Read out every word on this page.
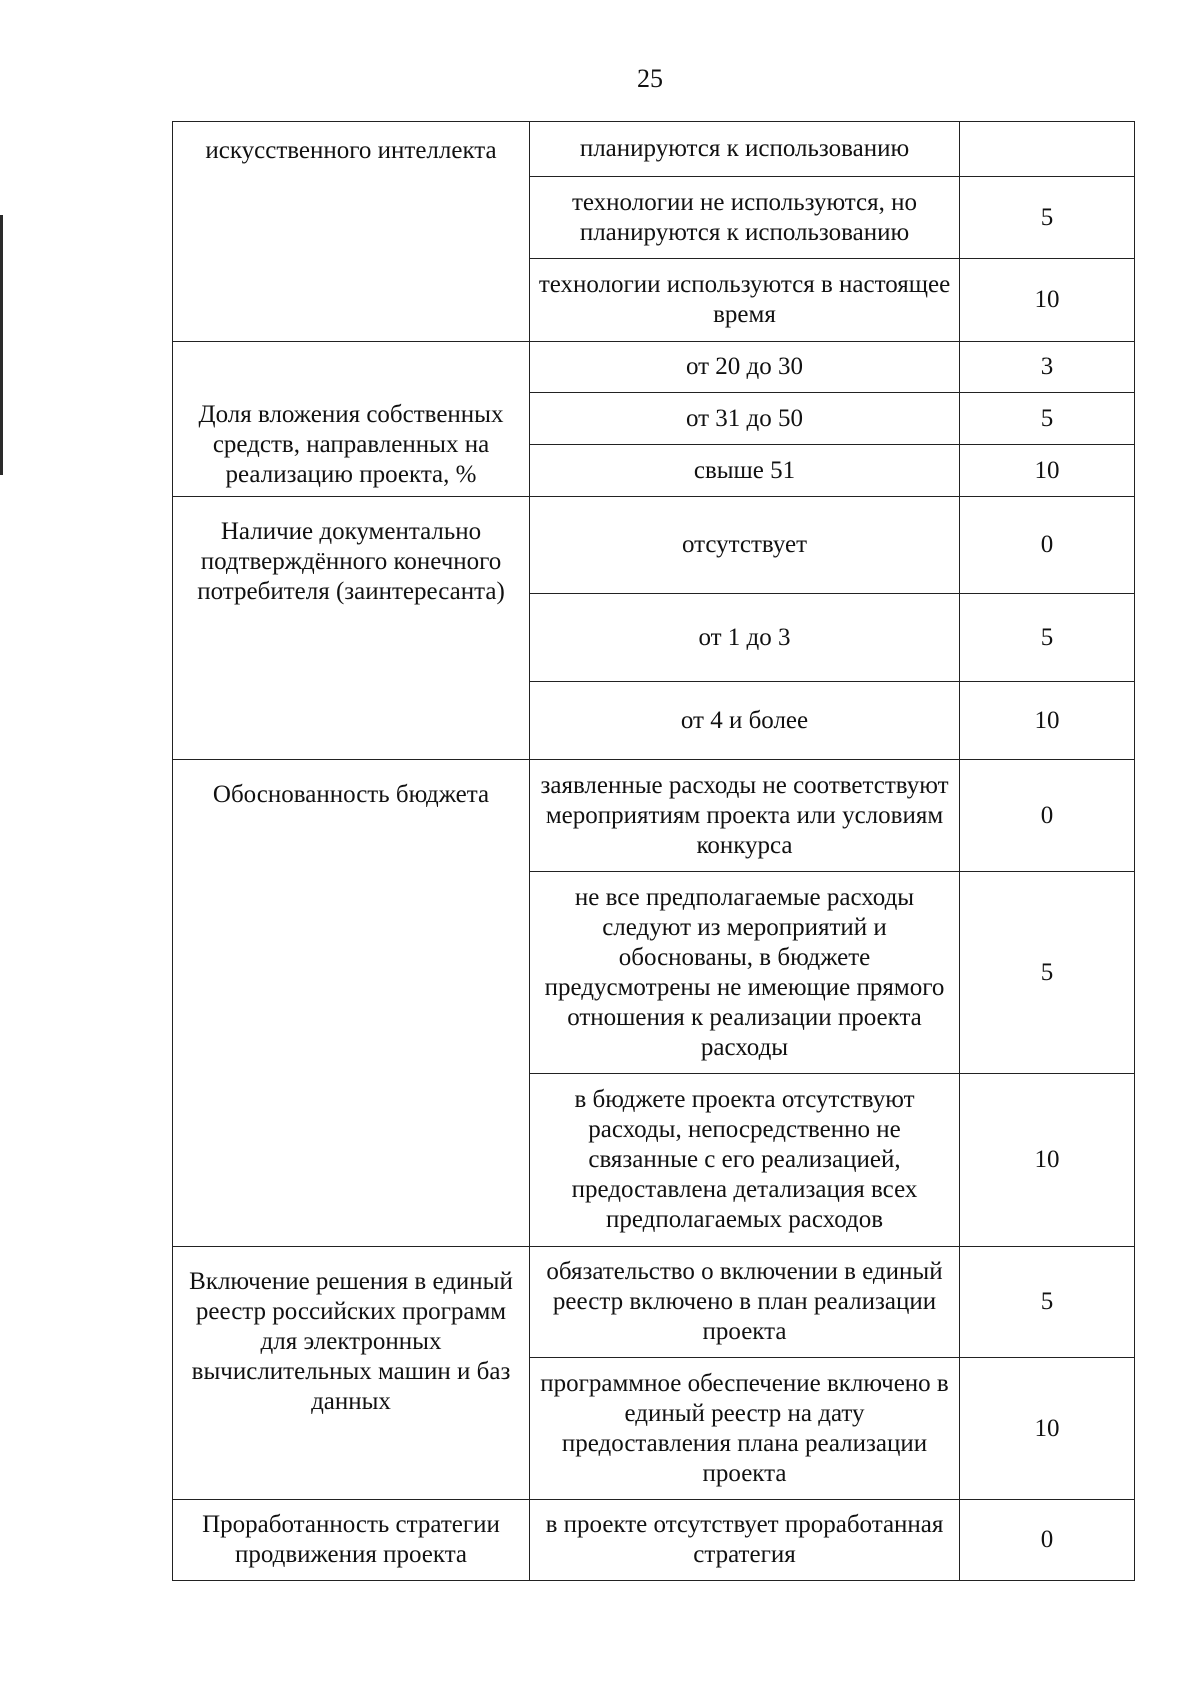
25
искусственного интеллекта	планируются к использованию	
	технологии не используются, но планируются к использованию	5
	технологии используются в настоящее время	10
Доля вложения собственных средств, направленных на реализацию проекта, %	от 20 до 30	3
	от 31 до 50	5
	свыше 51	10
Наличие документально подтверждённого конечного потребителя (заинтересанта)	отсутствует	0
	от 1 до 3	5
	от 4 и более	10
Обоснованность бюджета	заявленные расходы не соответствуют мероприятиям проекта или условиям конкурса	0
	не все предполагаемые расходы следуют из мероприятий и обоснованы, в бюджете предусмотрены не имеющие прямого отношения к реализации проекта расходы	5
	в бюджете проекта отсутствуют расходы, непосредственно не связанные с его реализацией, предоставлена детализация всех предполагаемых расходов	10
Включение решения в единый реестр российских программ для электронных вычислительных машин и баз данных	обязательство о включении в единый реестр включено в план реализации проекта	5
	программное обеспечение включено в единый реестр на дату предоставления плана реализации проекта	10
Проработанность стратегии продвижения проекта	в проекте отсутствует проработанная стратегия	0
